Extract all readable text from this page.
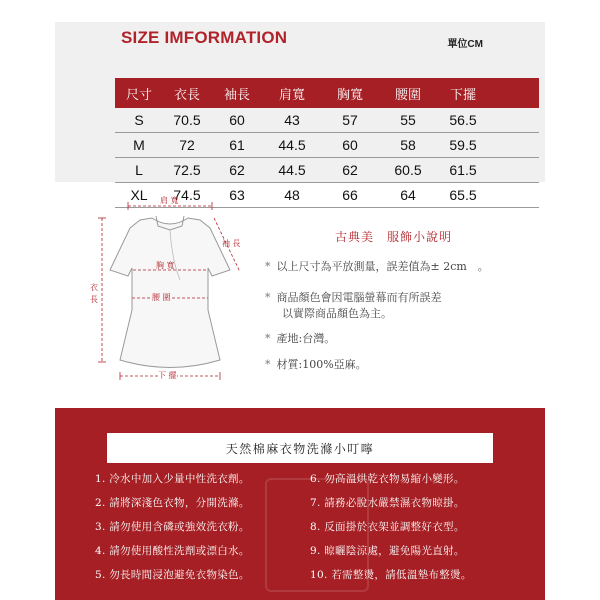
SIZE IMFORMATION	單位CM
尺寸	衣長	袖長	肩寬	胸寬	腰圍	下擺
S	70.5	60	43	57	55	56.5
M	72	61	44.5	60	58	59.5
L	72.5	62	44.5	62	60.5	61.5
XL	74.5	63	48	66	64	65.5
肩 寬
袖 長
胸 寬
衣長	腰 圍
下 擺
古典美　服飾小說明
* 以上尺寸為平放測量，誤差值為± 2cm　。
* 商品顏色會因電腦螢幕而有所誤差
以實際商品顏色為主。
* 產地:台灣。
* 材質:100%亞麻。
天然棉麻衣物洗滌小叮嚀
1. 冷水中加入少量中性洗衣劑。
2. 請將深淺色衣物，分開洗滌。
3. 請勿使用含磷或強效洗衣粉。
4. 請勿使用酸性洗劑或漂白水。
5. 勿長時間浸泡避免衣物染色。
6. 勿高溫烘乾衣物易縮小變形。
7. 請務必脫水嚴禁濕衣物晾掛。
8. 反面掛於衣架並調整好衣型。
9. 晾曬陰涼處，避免陽光直射。
10. 若需整燙，請低溫墊布整燙。
